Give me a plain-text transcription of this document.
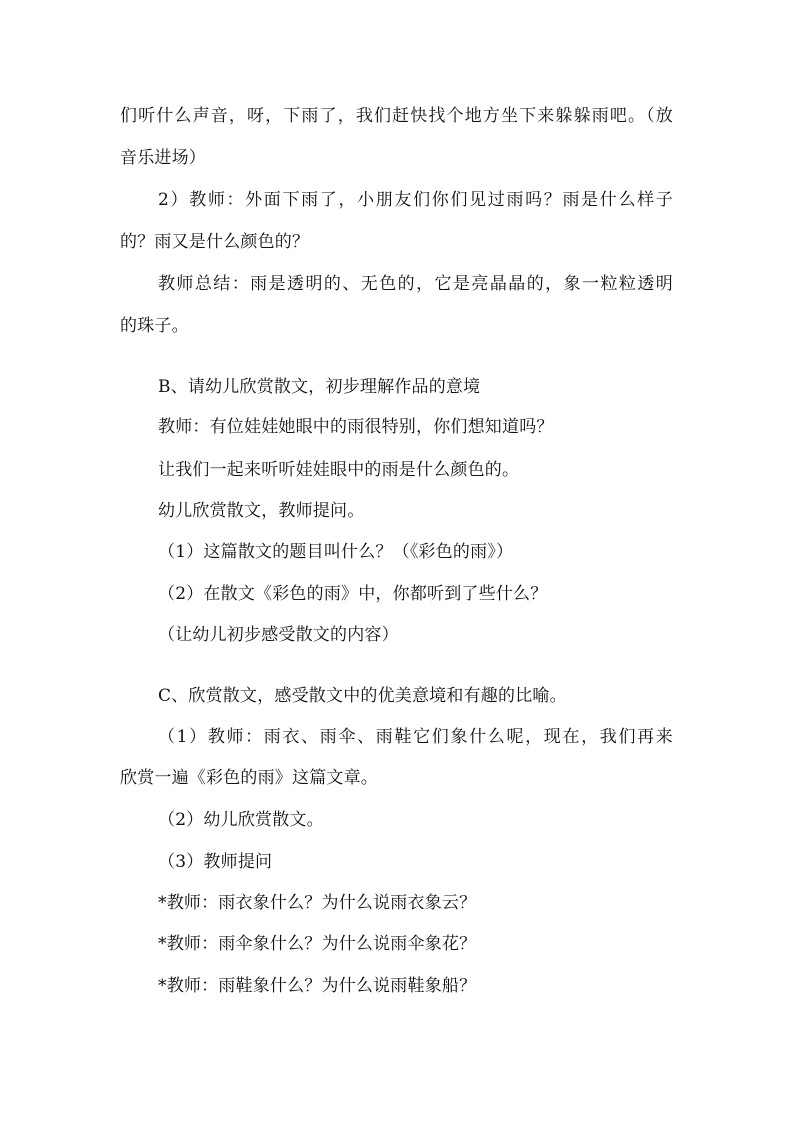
们听什么声音，呀，下雨了，我们赶快找个地方坐下来躲躲雨吧。（放
音乐进场）
2）教师：外面下雨了，小朋友们你们见过雨吗？雨是什么样子
的？雨又是什么颜色的？
教师总结：雨是透明的、无色的，它是亮晶晶的，象一粒粒透明
的珠子。
B、请幼儿欣赏散文，初步理解作品的意境
教师：有位娃娃她眼中的雨很特别，你们想知道吗？
让我们一起来听听娃娃眼中的雨是什么颜色的。
幼儿欣赏散文，教师提问。
（1）这篇散文的题目叫什么？（《彩色的雨》）
（2）在散文《彩色的雨》中，你都听到了些什么？
（让幼儿初步感受散文的内容）
C、欣赏散文，感受散文中的优美意境和有趣的比喻。
（1）教师：雨衣、雨伞、雨鞋它们象什么呢，现在，我们再来
欣赏一遍《彩色的雨》这篇文章。
（2）幼儿欣赏散文。
（3）教师提问
*教师：雨衣象什么？为什么说雨衣象云？
*教师：雨伞象什么？为什么说雨伞象花？
*教师：雨鞋象什么？为什么说雨鞋象船？
